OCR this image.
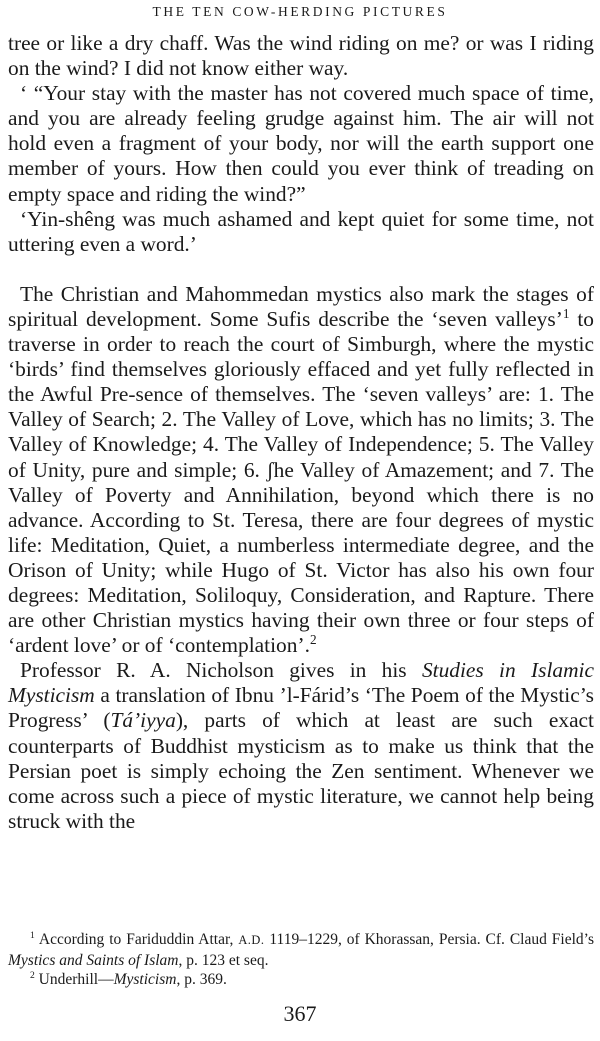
THE TEN COW-HERDING PICTURES

tree or like a dry chaff. Was the wind riding on me? or was I riding on the wind? I did not know either way.

‘ “Your stay with the master has not covered much space of time, and you are already feeling grudge against him. The air will not hold even a fragment of your body, nor will the earth support one member of yours. How then could you ever think of treading on empty space and riding the wind?”

‘Yin-shêng was much ashamed and kept quiet for some time, not uttering even a word.’

The Christian and Mahommedan mystics also mark the stages of spiritual development. Some Sufis describe the ‘seven valleys’$^1$ to traverse in order to reach the court of Simburgh, where the mystic ‘birds’ find themselves gloriously effaced and yet fully reflected in the Awful Pre-sence of themselves. The ‘seven valleys’ are: 1. The Valley of Search; 2. The Valley of Love, which has no limits; 3. The Valley of Knowledge; 4. The Valley of Independence; 5. The Valley of Unity, pure and simple; 6. ʃhe Valley of Amazement; and 7. The Valley of Poverty and Annihilation, beyond which there is no advance. According to St. Teresa, there are four degrees of mystic life: Meditation, Quiet, a numberless intermediate degree, and the Orison of Unity; while Hugo of St. Victor has also his own four degrees: Meditation, Soliloquy, Consideration, and Rapture. There are other Christian mystics having their own three or four steps of ‘ardent love’ or of ‘contemplation’.$^2$

Professor R. A. Nicholson gives in his Studies in Islamic Mysticism a translation of Ibnu ’l-Fárid’s ‘The Poem of the Mystic’s Progress’ (Tá’iyya), parts of which at least are such exact counterparts of Buddhist mysticism as to make us think that the Persian poet is simply echoing the Zen sentiment. Whenever we come across such a piece of mystic literature, we cannot help being struck with the

$^1$ According to Fariduddin Attar, A.D. 1119–1229, of Khorassan, Persia. Cf. Claud Field’s Mystics and Saints of Islam, p. 123 et seq.

$^2$ Underhill—Mysticism, p. 369.

367
